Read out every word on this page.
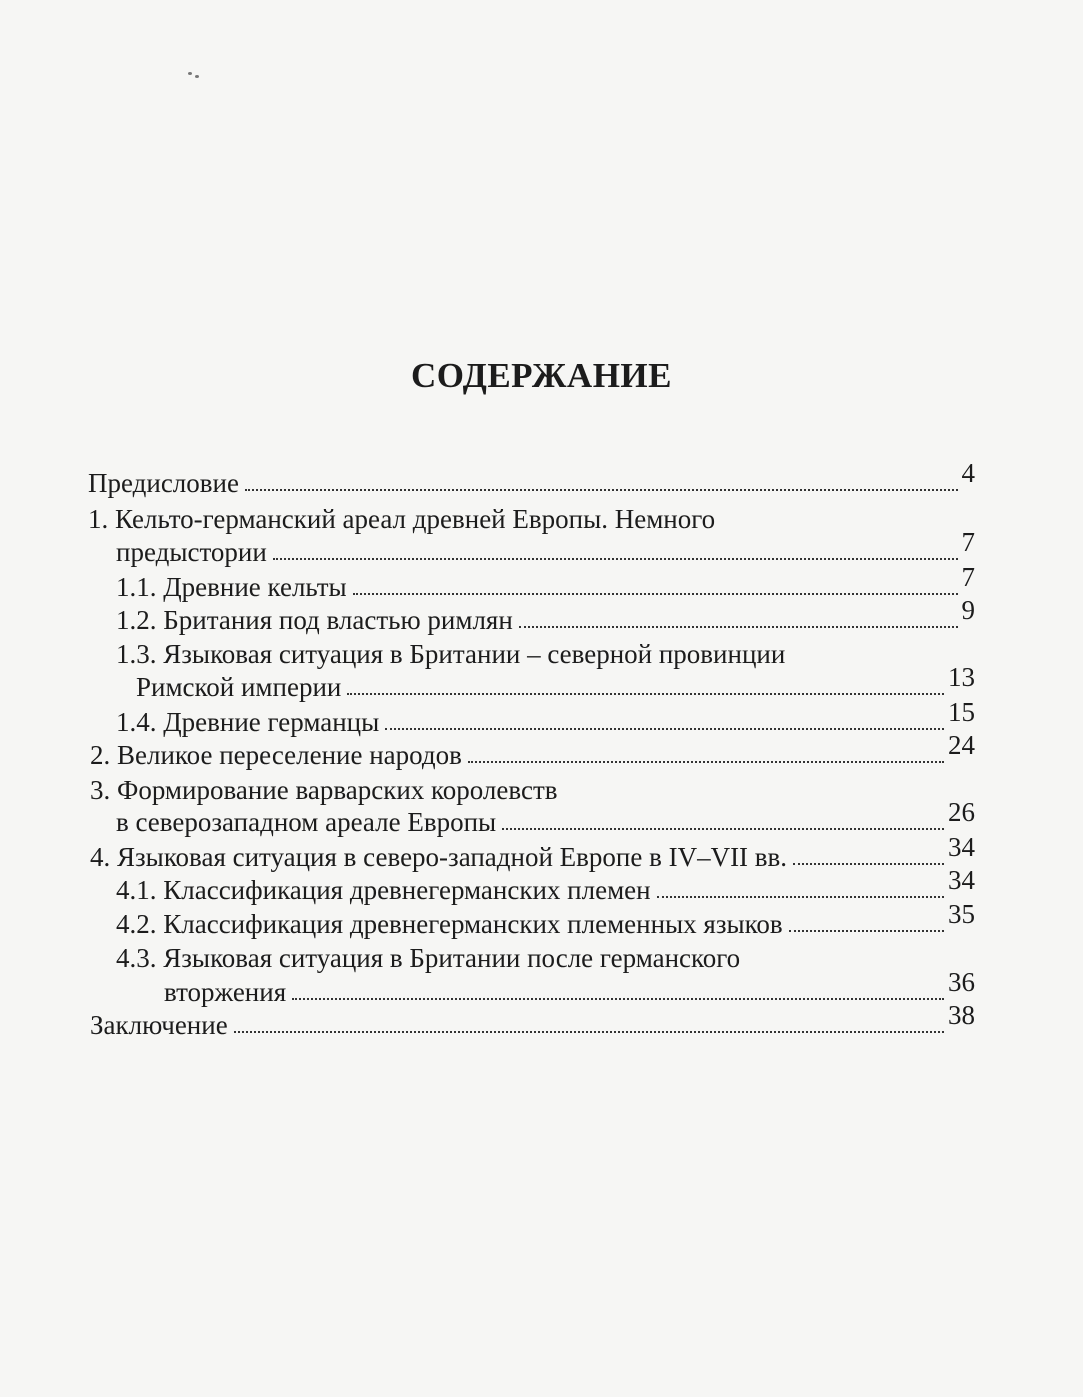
СОДЕРЖАНИЕ
Предисловие	4
1. Кельто-германский ареал древней Европы. Немного
предыстории	7
1.1. Древние кельты	7
1.2. Британия под властью римлян	9
1.3. Языковая ситуация в Британии – северной провинции
Римской империи	13
1.4. Древние германцы	15
2. Великое переселение народов	24
3. Формирование варварских королевств
в северозападном ареале Европы	26
4. Языковая ситуация в северо-западной Европе в IV–VII вв.	34
4.1. Классификация древнегерманских племен	34
4.2. Классификация древнегерманских племенных языков	35
4.3. Языковая ситуация в Британии после германского
вторжения	36
Заключение	38
